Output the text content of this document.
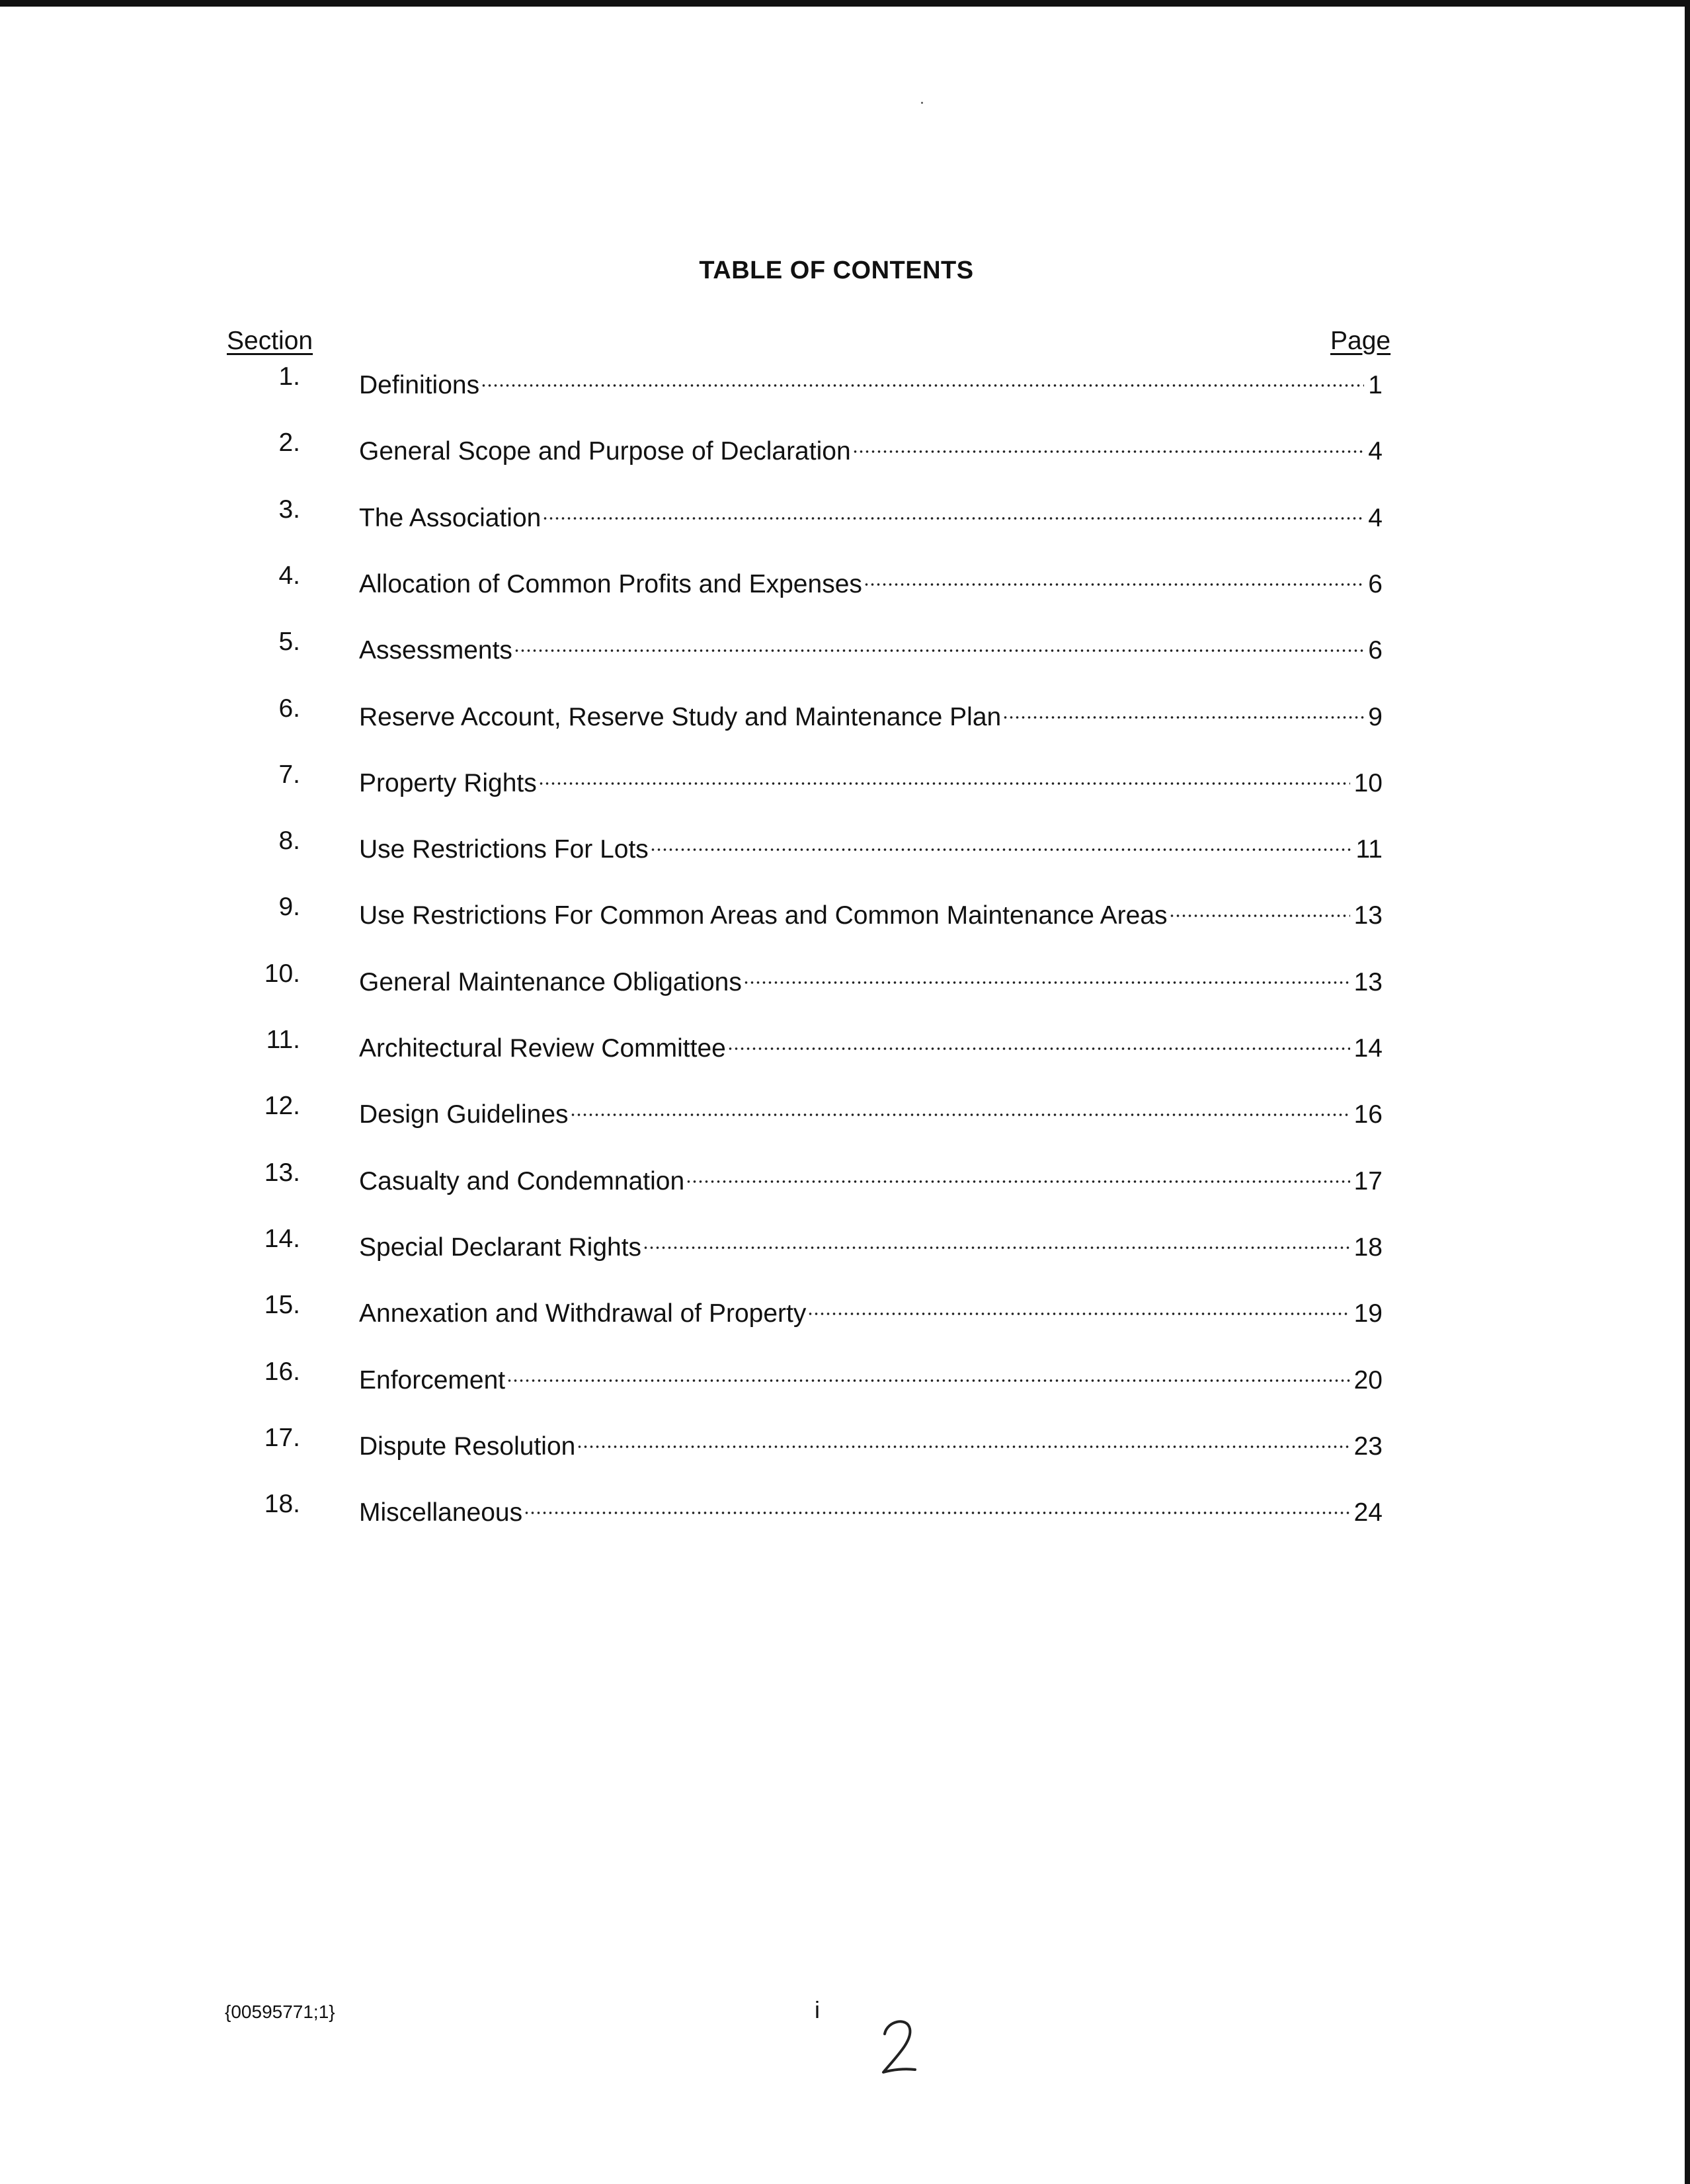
TABLE OF CONTENTS
Section	Page
1. Definitions	1
2. General Scope and Purpose of Declaration	4
3. The Association	4
4. Allocation of Common Profits and Expenses	6
5. Assessments	6
6. Reserve Account, Reserve Study and Maintenance Plan	9
7. Property Rights	10
8. Use Restrictions For Lots	11
9. Use Restrictions For Common Areas and Common Maintenance Areas	13
10. General Maintenance Obligations	13
11. Architectural Review Committee	14
12. Design Guidelines	16
13. Casualty and Condemnation	17
14. Special Declarant Rights	18
15. Annexation and Withdrawal of Property	19
16. Enforcement	20
17. Dispute Resolution	23
18. Miscellaneous	24
{00595771;1}	i
